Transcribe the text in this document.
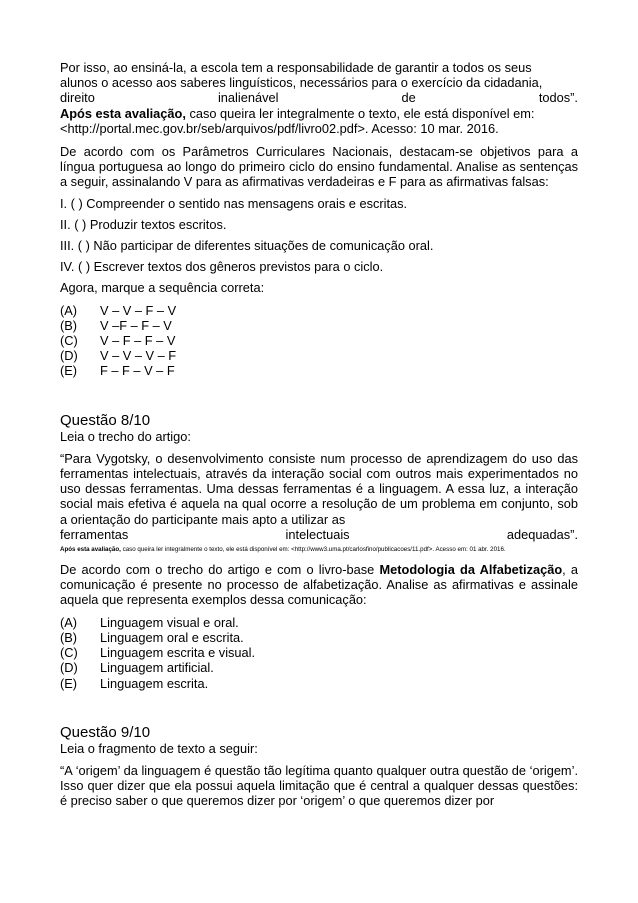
Por isso, ao ensiná-la, a escola tem a responsabilidade de garantir a todos os seus

alunos o acesso aos saberes linguísticos, necessários para o exercício da cidadania,

direito inalienável de todos”.

Após esta avaliação, caso queira ler integralmente o texto, ele está disponível em:

<http://portal.mec.gov.br/seb/arquivos/pdf/livro02.pdf>. Acesso: 10 mar. 2016.

De acordo com os Parâmetros Curriculares Nacionais, destacam-se objetivos para a língua portuguesa ao longo do primeiro ciclo do ensino fundamental. Analise as sentenças a seguir, assinalando V para as afirmativas verdadeiras e F para as afirmativas falsas:

I. ( ) Compreender o sentido nas mensagens orais e escritas.

II. ( ) Produzir textos escritos.

III. ( ) Não participar de diferentes situações de comunicação oral.

IV. ( ) Escrever textos dos gêneros previstos para o ciclo.

Agora, marque a sequência correta:

(A)	V – V – F – V
(B)	V –F – F – V
(C)	V – F – F – V
(D)	V – V – V – F
(E)	F – F – V – F

Questão 8/10

Leia o trecho do artigo:

“Para Vygotsky, o desenvolvimento consiste num processo de aprendizagem do uso das ferramentas intelectuais, através da interação social com outros mais experimentados no uso dessas ferramentas. Uma dessas ferramentas é a linguagem. A essa luz, a interação social mais efetiva é aquela na qual ocorre a resolução de um problema em conjunto, sob a orientação do participante mais apto a utilizar as

ferramentas intelectuais adequadas”.

Após esta avaliação, caso queira ler integralmente o texto, ele está disponível em: <http://www3.uma.pt/carlosfino/publicacoes/11.pdf>. Acesso em: 01 abr. 2016.

De acordo com o trecho do artigo e com o livro-base Metodologia da Alfabetização, a comunicação é presente no processo de alfabetização. Analise as afirmativas e assinale aquela que representa exemplos dessa comunicação:

(A)	Linguagem visual e oral.
(B)	Linguagem oral e escrita.
(C)	Linguagem escrita e visual.
(D)	Linguagem artificial.
(E)	Linguagem escrita.

Questão 9/10

Leia o fragmento de texto a seguir:

“A ‘origem’ da linguagem é questão tão legítima quanto qualquer outra questão de ‘origem’. Isso quer dizer que ela possui aquela limitação que é central a qualquer dessas questões: é preciso saber o que queremos dizer por ‘origem’ o que queremos dizer por
